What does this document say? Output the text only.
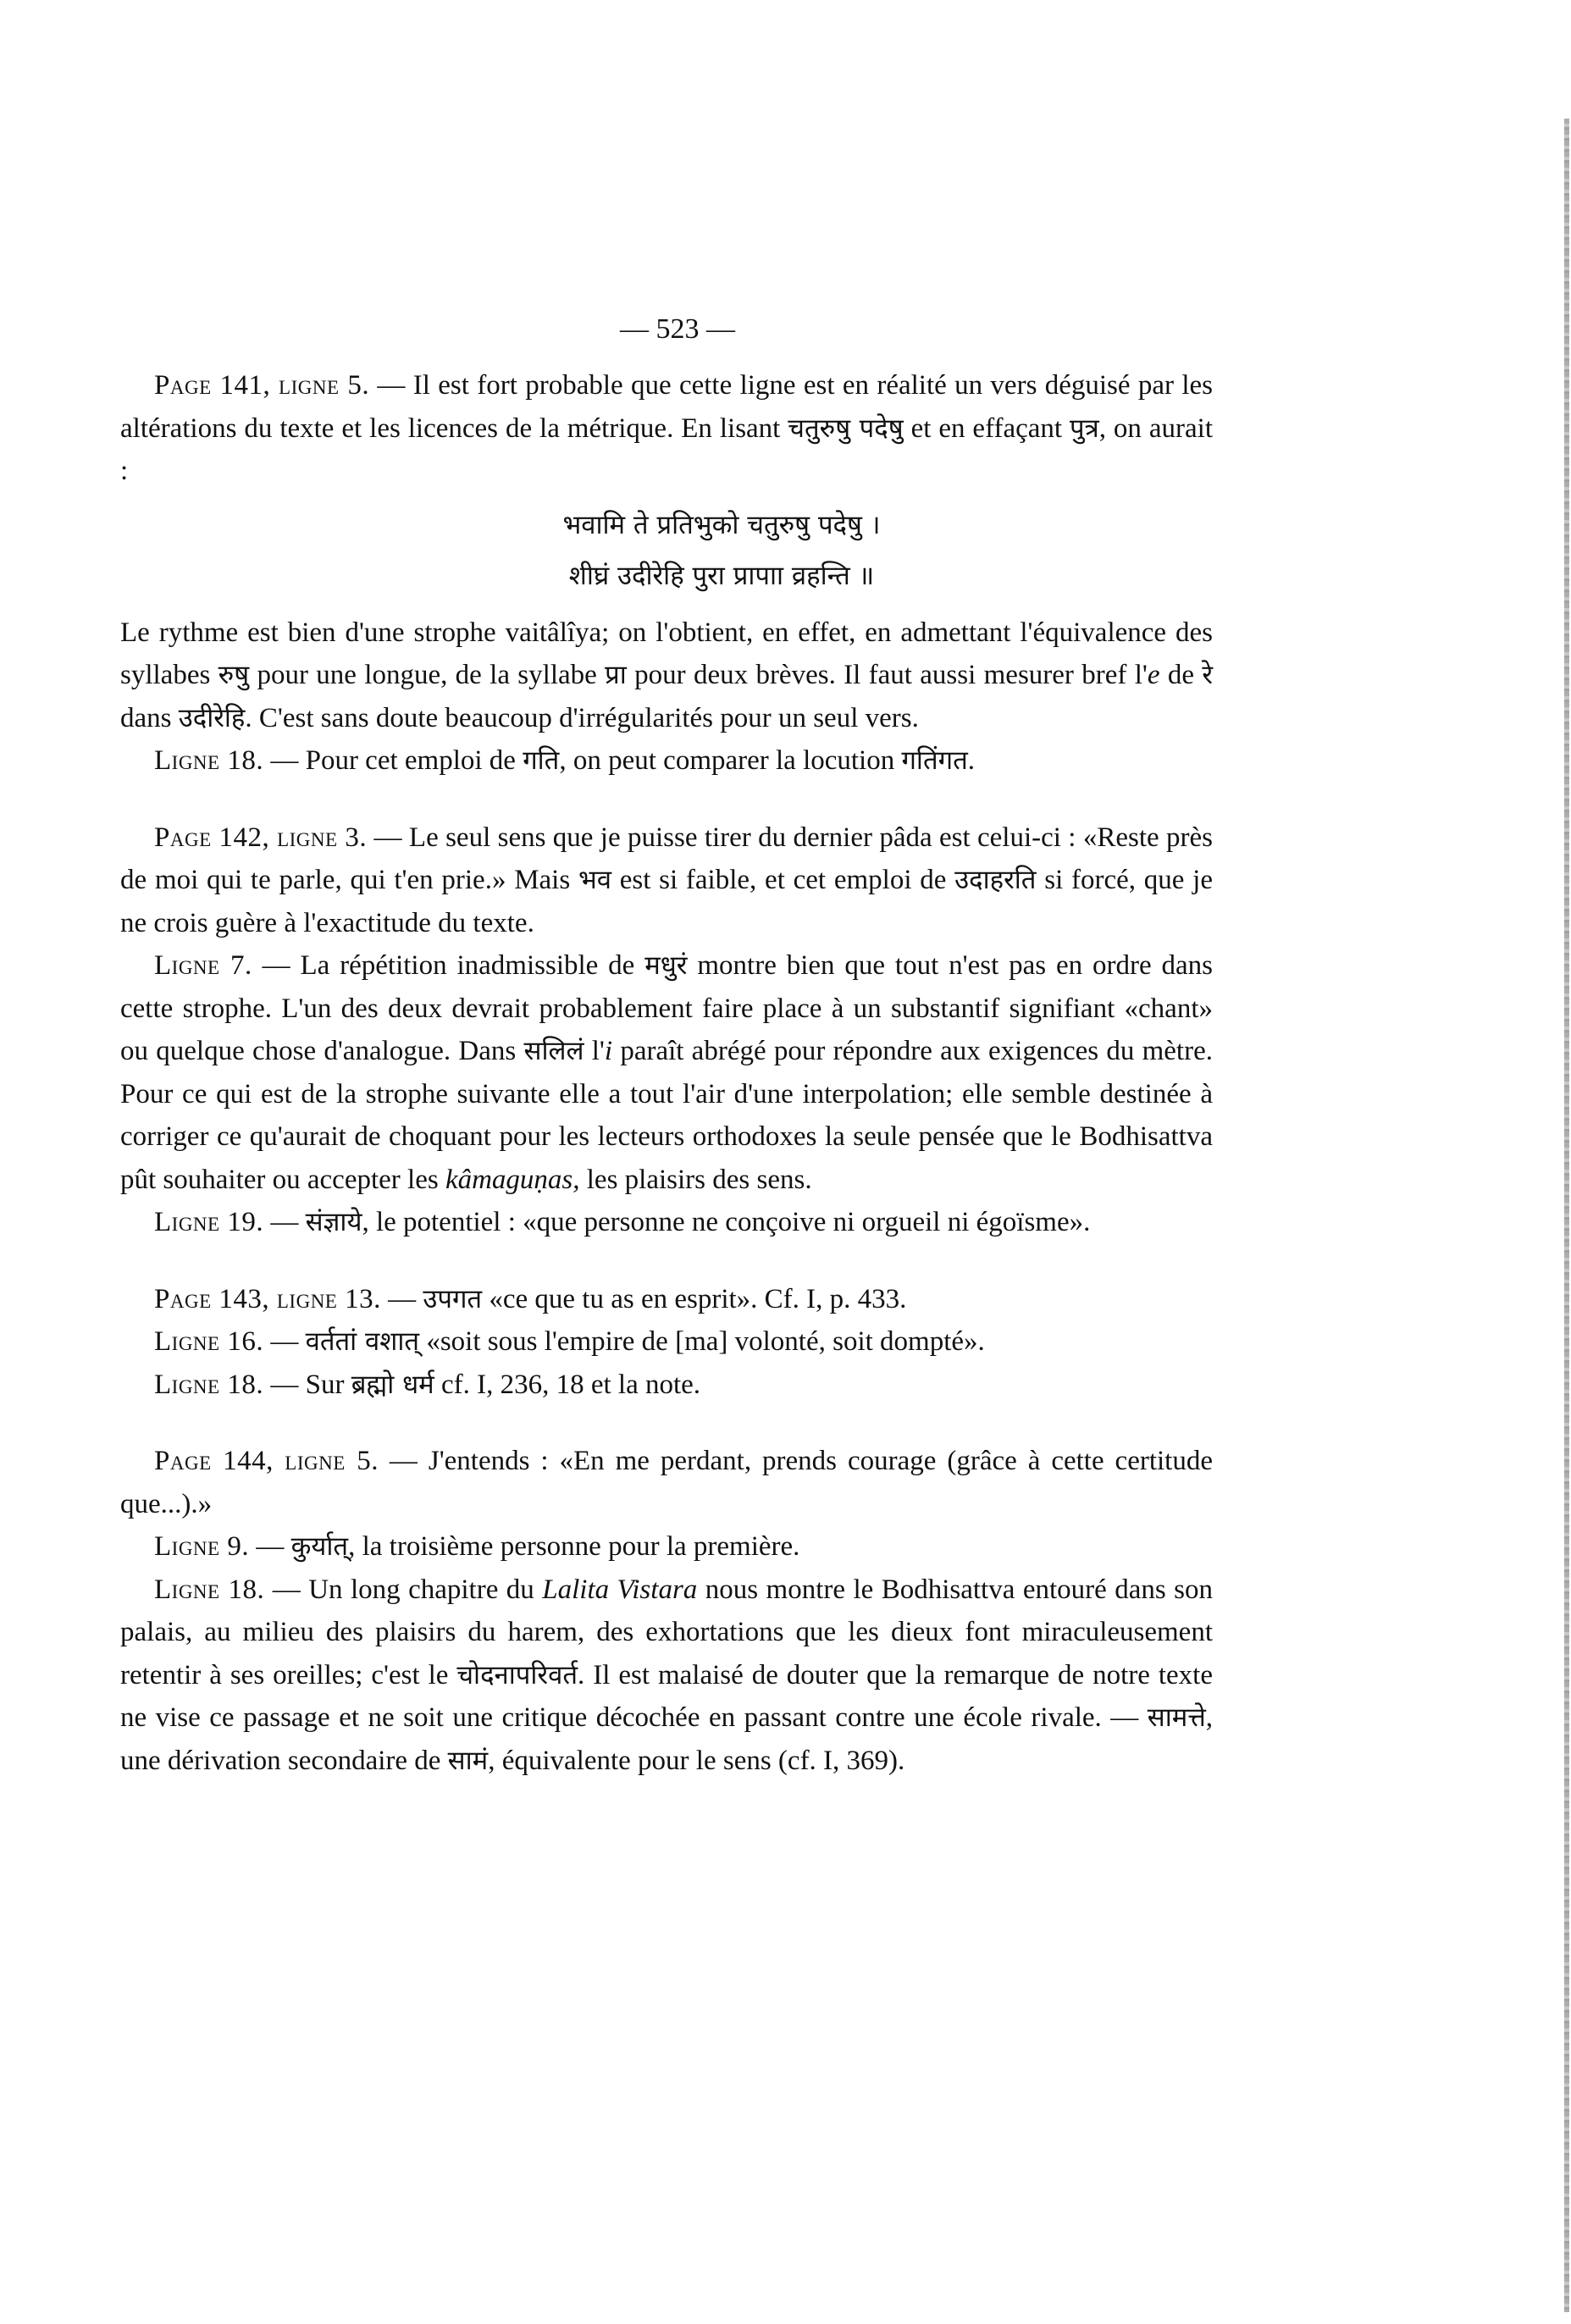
— 523 —

Page 141, ligne 5. — Il est fort probable que cette ligne est en réalité un vers déguisé par les altérations du texte et les licences de la métrique. En lisant चतुरुषु पदेषु et en effaçant पुत्र, on aurait :

भवामि ते प्रतिभुको चतुरुषु पदेषु ।
शीघ्रं उदीरेहि पुरा प्रापाा व्रहन्ति ॥

Le rythme est bien d'une strophe vaitâlîya; on l'obtient, en effet, en admettant l'équivalence des syllabes रुषु pour une longue, de la syllabe प्रा pour deux brèves. Il faut aussi mesurer bref l'e de रे dans उदीरेहि. C'est sans doute beaucoup d'irrégularités pour un seul vers.

Ligne 18. — Pour cet emploi de गति, on peut comparer la locution गतिंगत.

Page 142, ligne 3. — Le seul sens que je puisse tirer du dernier pâda est celui-ci : «Reste près de moi qui te parle, qui t'en prie.» Mais भव est si faible, et cet emploi de उदाहरति si forcé, que je ne crois guère à l'exactitude du texte.

Ligne 7. — La répétition inadmissible de मधुरं montre bien que tout n'est pas en ordre dans cette strophe. L'un des deux devrait probablement faire place à un substantif signifiant «chant» ou quelque chose d'analogue. Dans सलिलं l'i paraît abrégé pour répondre aux exigences du mètre. Pour ce qui est de la strophe suivante elle a tout l'air d'une interpolation; elle semble destinée à corriger ce qu'aurait de choquant pour les lecteurs orthodoxes la seule pensée que le Bodhisattva pût souhaiter ou accepter les kâmaguṇas, les plaisirs des sens.

Ligne 19. — संज्ञाये, le potentiel : «que personne ne conçoive ni orgueil ni égoïsme».

Page 143, ligne 13. — उपगत «ce que tu as en esprit». Cf. I, p. 433.

Ligne 16. — वर्ततां वशात् «soit sous l'empire de [ma] volonté, soit dompté».

Ligne 18. — Sur ब्रह्मो धर्म cf. I, 236, 18 et la note.

Page 144, ligne 5. — J'entends : «En me perdant, prends courage (grâce à cette certitude que...).»

Ligne 9. — कुर्यात्, la troisième personne pour la première.

Ligne 18. — Un long chapitre du Lalita Vistara nous montre le Bodhisattva entouré dans son palais, au milieu des plaisirs du harem, des exhortations que les dieux font miraculeusement retentir à ses oreilles; c'est le चोदनापरिवर्त. Il est malaisé de douter que la remarque de notre texte ne vise ce passage et ne soit une critique décochée en passant contre une école rivale. — सामत्ते, une dérivation secondaire de सामं, équivalente pour le sens (cf. I, 369).
